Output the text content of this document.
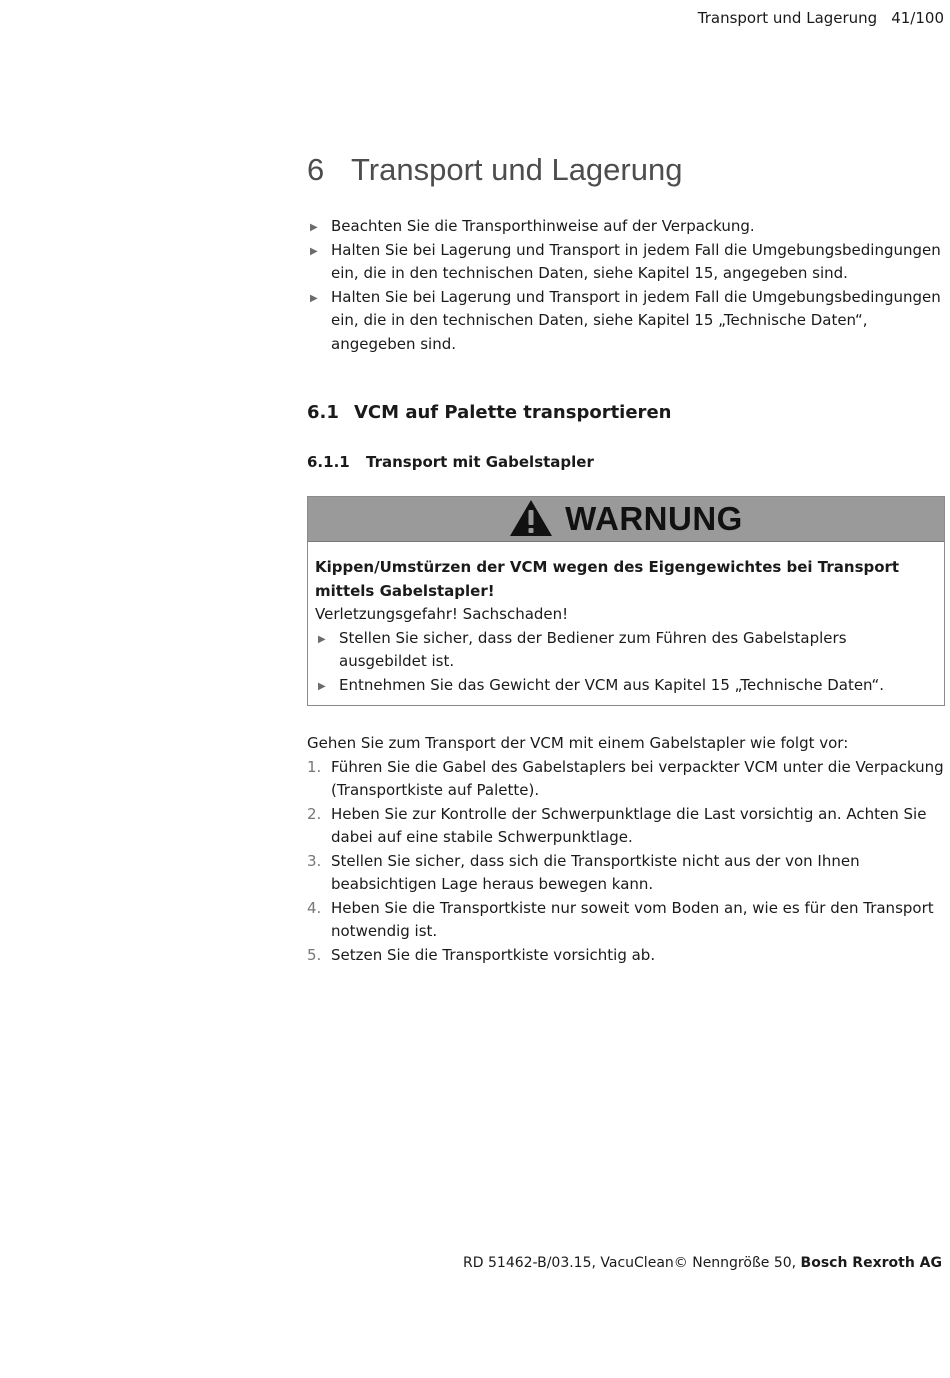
Transport und Lagerung 41/100
6 Transport und Lagerung
▶ Beachten Sie die Transporthinweise auf der Verpackung.
▶ Halten Sie bei Lagerung und Transport in jedem Fall die Umgebungsbedingungen ein, die in den technischen Daten, siehe Kapitel 15, angegeben sind.
▶ Halten Sie bei Lagerung und Transport in jedem Fall die Umgebungsbedingungen ein, die in den technischen Daten, siehe Kapitel 15 „Technische Daten“, angegeben sind.
6.1 VCM auf Palette transportieren
6.1.1 Transport mit Gabelstapler
WARNUNG
Kippen/Umstürzen der VCM wegen des Eigengewichtes bei Transport mittels Gabelstapler!
Verletzungsgefahr! Sachschaden!
▶ Stellen Sie sicher, dass der Bediener zum Führen des Gabelstaplers ausgebildet ist.
▶ Entnehmen Sie das Gewicht der VCM aus Kapitel 15 „Technische Daten“.

Gehen Sie zum Transport der VCM mit einem Gabelstapler wie folgt vor:

1. Führen Sie die Gabel des Gabelstaplers bei verpackter VCM unter die Verpackung (Transportkiste auf Palette).
2. Heben Sie zur Kontrolle der Schwerpunktlage die Last vorsichtig an. Achten Sie dabei auf eine stabile Schwerpunktlage.
3. Stellen Sie sicher, dass sich die Transportkiste nicht aus der von Ihnen beabsichtigen Lage heraus bewegen kann.
4. Heben Sie die Transportkiste nur soweit vom Boden an, wie es für den Transport notwendig ist.
5. Setzen Sie die Transportkiste vorsichtig ab.
RD 51462-B/03.15, VacuClean© Nenngröße 50, Bosch Rexroth AG
